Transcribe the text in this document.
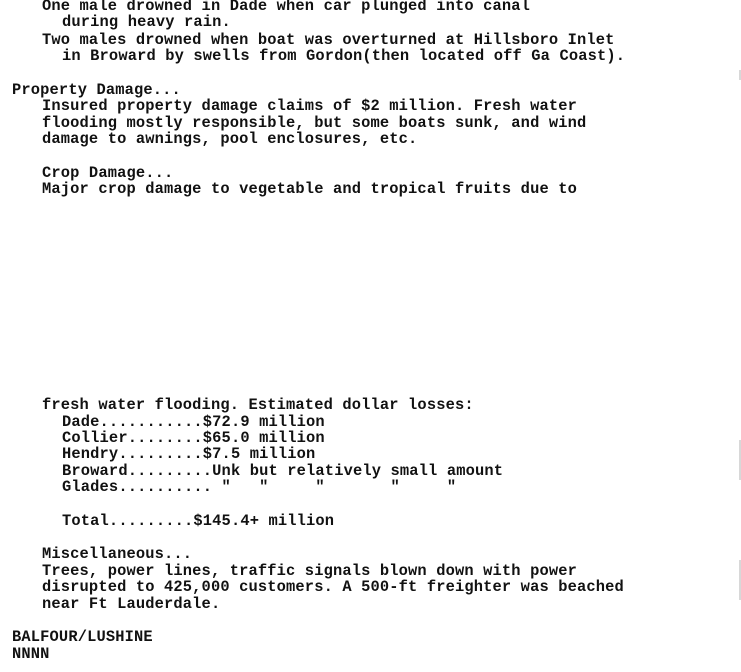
One male drowned in Dade when car plunged into canal
during heavy rain.
Two males drowned when boat was overturned at Hillsboro Inlet
in Broward by swells from Gordon(then located off Ga Coast).
Property Damage...
Insured property damage claims of $2 million. Fresh water
flooding mostly responsible, but some boats sunk, and wind
damage to awnings, pool enclosures, etc.
Crop Damage...
Major crop damage to vegetable and tropical fruits due to
fresh water flooding. Estimated dollar losses:
Dade...........$72.9 million
Collier........$65.0 million
Hendry.........$7.5 million
Broward.........Unk but relatively small amount
Glades.......... "   "     "       "     "
Total.........$145.4+ million
Miscellaneous...
Trees, power lines, traffic signals blown down with power
disrupted to 425,000 customers. A 500-ft freighter was beached
near Ft Lauderdale.
BALFOUR/LUSHINE
NNNN
